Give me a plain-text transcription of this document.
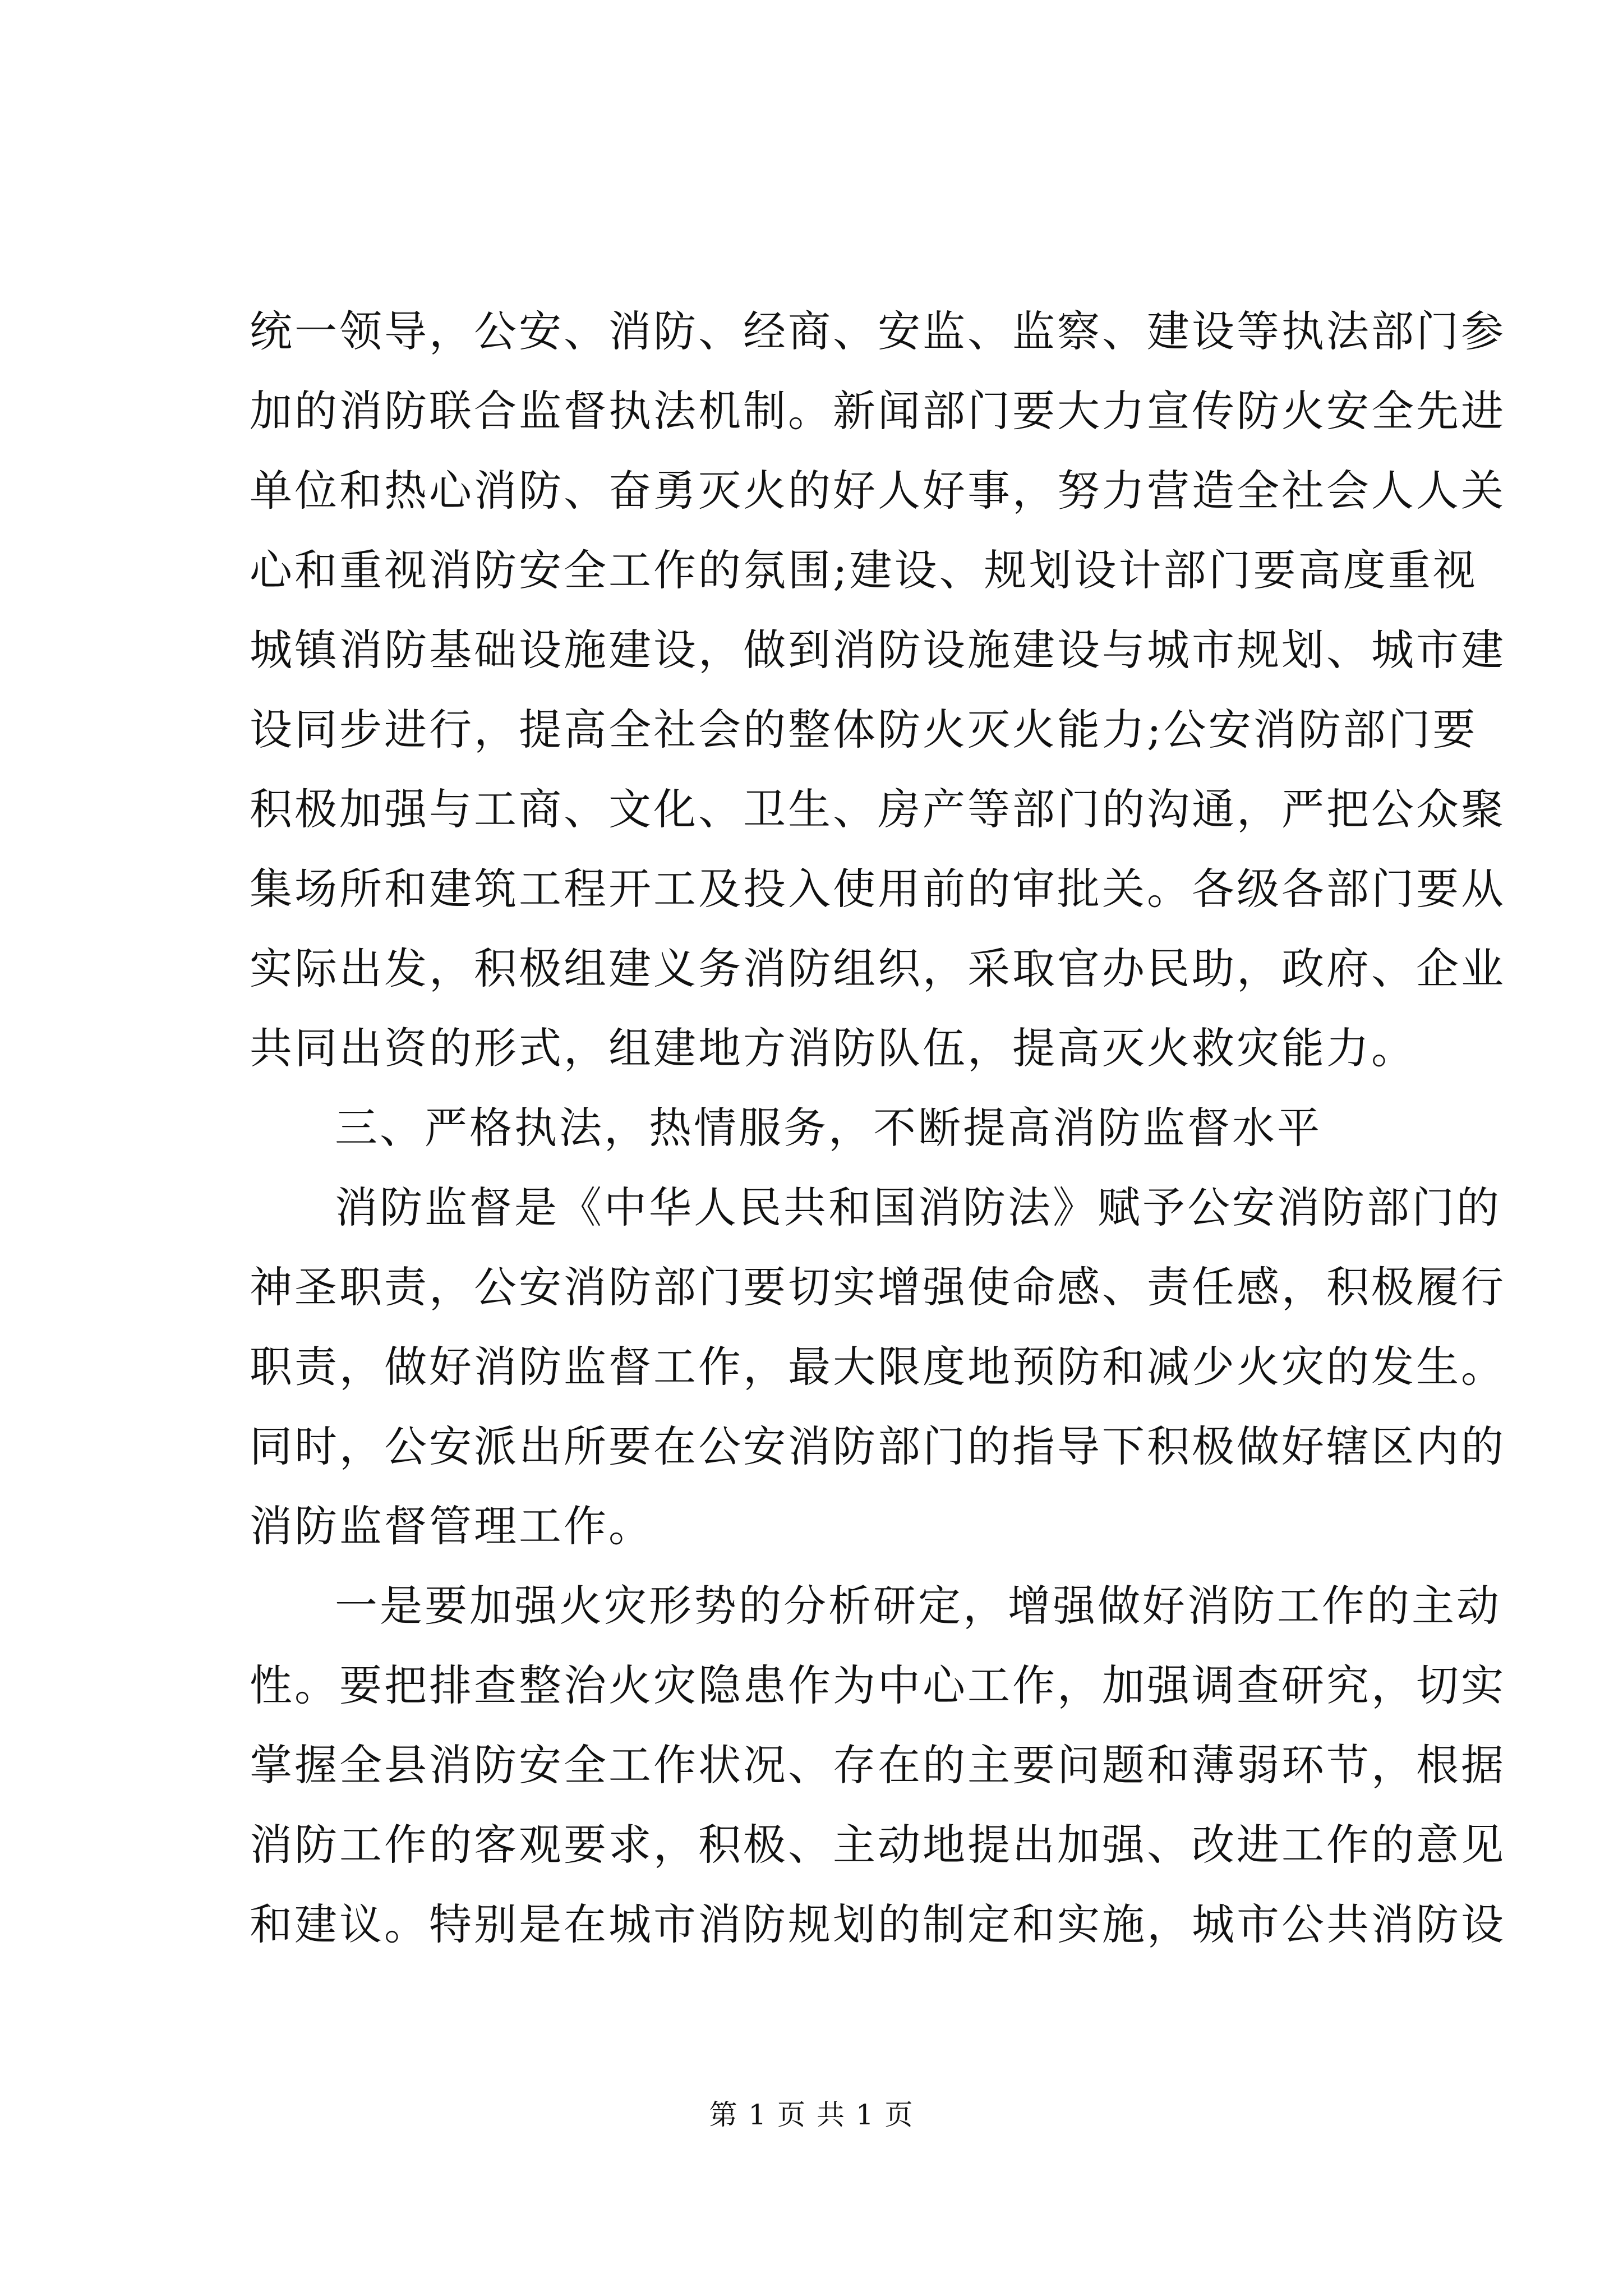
统一领导，公安、消防、经商、安监、监察、建设等执法部门参
加的消防联合监督执法机制。新闻部门要大力宣传防火安全先进
单位和热心消防、奋勇灭火的好人好事，努力营造全社会人人关
心和重视消防安全工作的氛围;建设、规划设计部门要高度重视
城镇消防基础设施建设，做到消防设施建设与城市规划、城市建
设同步进行，提高全社会的整体防火灭火能力;公安消防部门要
积极加强与工商、文化、卫生、房产等部门的沟通，严把公众聚
集场所和建筑工程开工及投入使用前的审批关。各级各部门要从
实际出发，积极组建义务消防组织，采取官办民助，政府、企业
共同出资的形式，组建地方消防队伍，提高灭火救灾能力。
三、严格执法，热情服务，不断提高消防监督水平
消防监督是《中华人民共和国消防法》赋予公安消防部门的
神圣职责，公安消防部门要切实增强使命感、责任感，积极履行
职责，做好消防监督工作，最大限度地预防和减少火灾的发生。
同时，公安派出所要在公安消防部门的指导下积极做好辖区内的
消防监督管理工作。
一是要加强火灾形势的分析研定，增强做好消防工作的主动
性。要把排查整治火灾隐患作为中心工作，加强调查研究，切实
掌握全县消防安全工作状况、存在的主要问题和薄弱环节，根据
消防工作的客观要求，积极、主动地提出加强、改进工作的意见
和建议。特别是在城市消防规划的制定和实施，城市公共消防设
第 1 页 共 1 页
